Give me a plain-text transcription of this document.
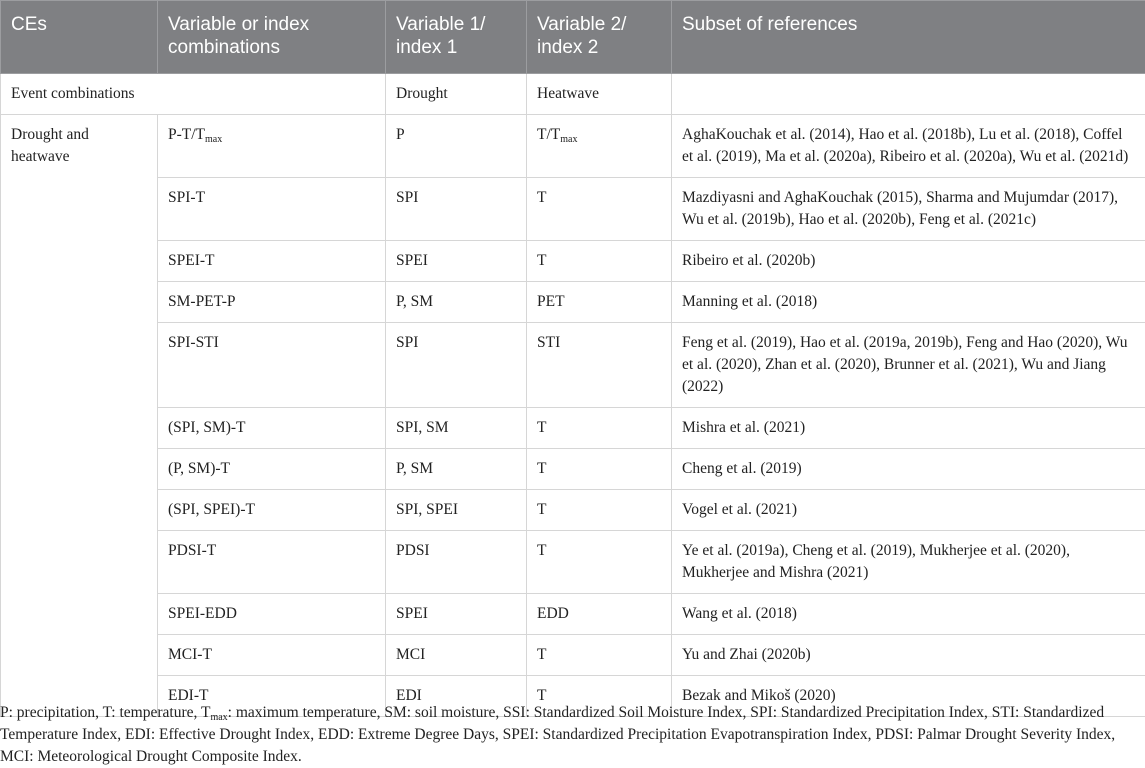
CEs	Variable or index combinations	Variable 1/ index 1	Variable 2/ index 2	Subset of references
Event combinations		Drought	Heatwave	
Drought and heatwave	$P-T/T_{max}$	P	$T/T_{max}$	AghaKouchak et al. (2014), Hao et al. (2018b), Lu et al. (2018), Coffel et al. (2019), Ma et al. (2020a), Ribeiro et al. (2020a), Wu et al. (2021d)
	SPI-T	SPI	T	Mazdiyasni and AghaKouchak (2015), Sharma and Mujumdar (2017), Wu et al. (2019b), Hao et al. (2020b), Feng et al. (2021c)
	SPEI-T	SPEI	T	Ribeiro et al. (2020b)
	SM-PET-P	P, SM	PET	Manning et al. (2018)
	SPI-STI	SPI	STI	Feng et al. (2019), Hao et al. (2019a, 2019b), Feng and Hao (2020), Wu et al. (2020), Zhan et al. (2020), Brunner et al. (2021), Wu and Jiang (2022)
	(SPI, SM)-T	SPI, SM	T	Mishra et al. (2021)
	(P, SM)-T	P, SM	T	Cheng et al. (2019)
	(SPI, SPEI)-T	SPI, SPEI	T	Vogel et al. (2021)
	PDSI-T	PDSI	T	Ye et al. (2019a), Cheng et al. (2019), Mukherjee et al. (2020), Mukherjee and Mishra (2021)
	SPEI-EDD	SPEI	EDD	Wang et al. (2018)
	MCI-T	MCI	T	Yu and Zhai (2020b)
	EDI-T	EDI	T	Bezak and Mikoš (2020)
P: precipitation, T: temperature, $T_{max}$: maximum temperature, SM: soil moisture, SSI: Standardized Soil Moisture Index, SPI: Standardized Precipitation Index, STI: Standardized Temperature Index, EDI: Effective Drought Index, EDD: Extreme Degree Days, SPEI: Standardized Precipitation Evapotranspiration Index, PDSI: Palmar Drought Severity Index, MCI: Meteorological Drought Composite Index.
